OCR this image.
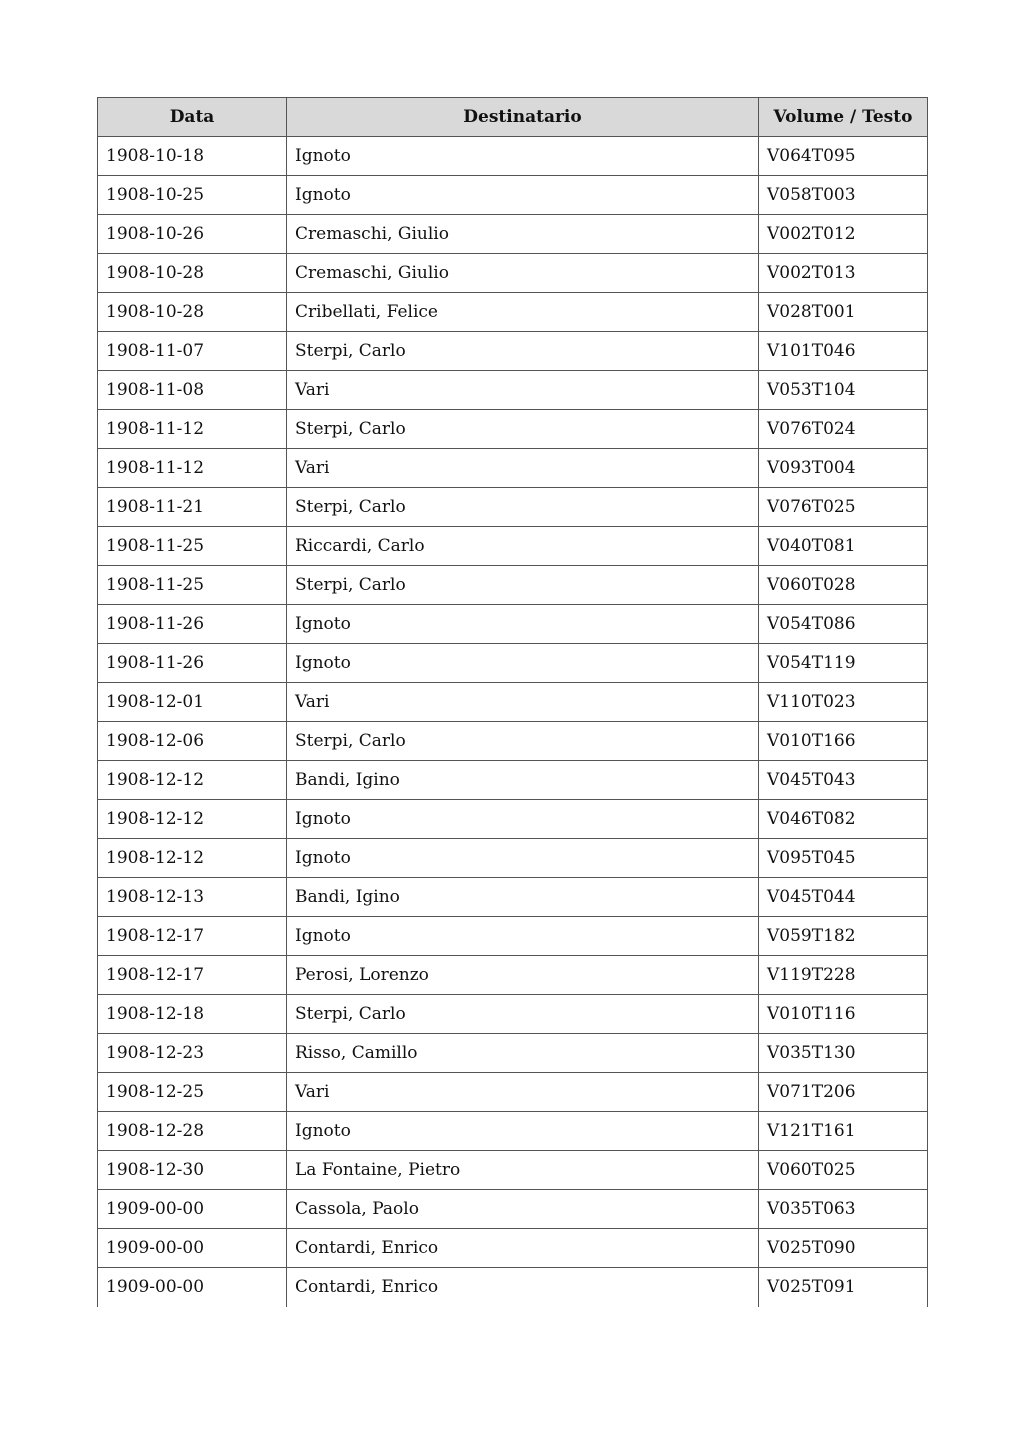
Data	Destinatario	Volume / Testo
1908-10-18	Ignoto	V064T095
1908-10-25	Ignoto	V058T003
1908-10-26	Cremaschi, Giulio	V002T012
1908-10-28	Cremaschi, Giulio	V002T013
1908-10-28	Cribellati, Felice	V028T001
1908-11-07	Sterpi, Carlo	V101T046
1908-11-08	Vari	V053T104
1908-11-12	Sterpi, Carlo	V076T024
1908-11-12	Vari	V093T004
1908-11-21	Sterpi, Carlo	V076T025
1908-11-25	Riccardi, Carlo	V040T081
1908-11-25	Sterpi, Carlo	V060T028
1908-11-26	Ignoto	V054T086
1908-11-26	Ignoto	V054T119
1908-12-01	Vari	V110T023
1908-12-06	Sterpi, Carlo	V010T166
1908-12-12	Bandi, Igino	V045T043
1908-12-12	Ignoto	V046T082
1908-12-12	Ignoto	V095T045
1908-12-13	Bandi, Igino	V045T044
1908-12-17	Ignoto	V059T182
1908-12-17	Perosi, Lorenzo	V119T228
1908-12-18	Sterpi, Carlo	V010T116
1908-12-23	Risso, Camillo	V035T130
1908-12-25	Vari	V071T206
1908-12-28	Ignoto	V121T161
1908-12-30	La Fontaine, Pietro	V060T025
1909-00-00	Cassola, Paolo	V035T063
1909-00-00	Contardi, Enrico	V025T090
1909-00-00	Contardi, Enrico	V025T091
